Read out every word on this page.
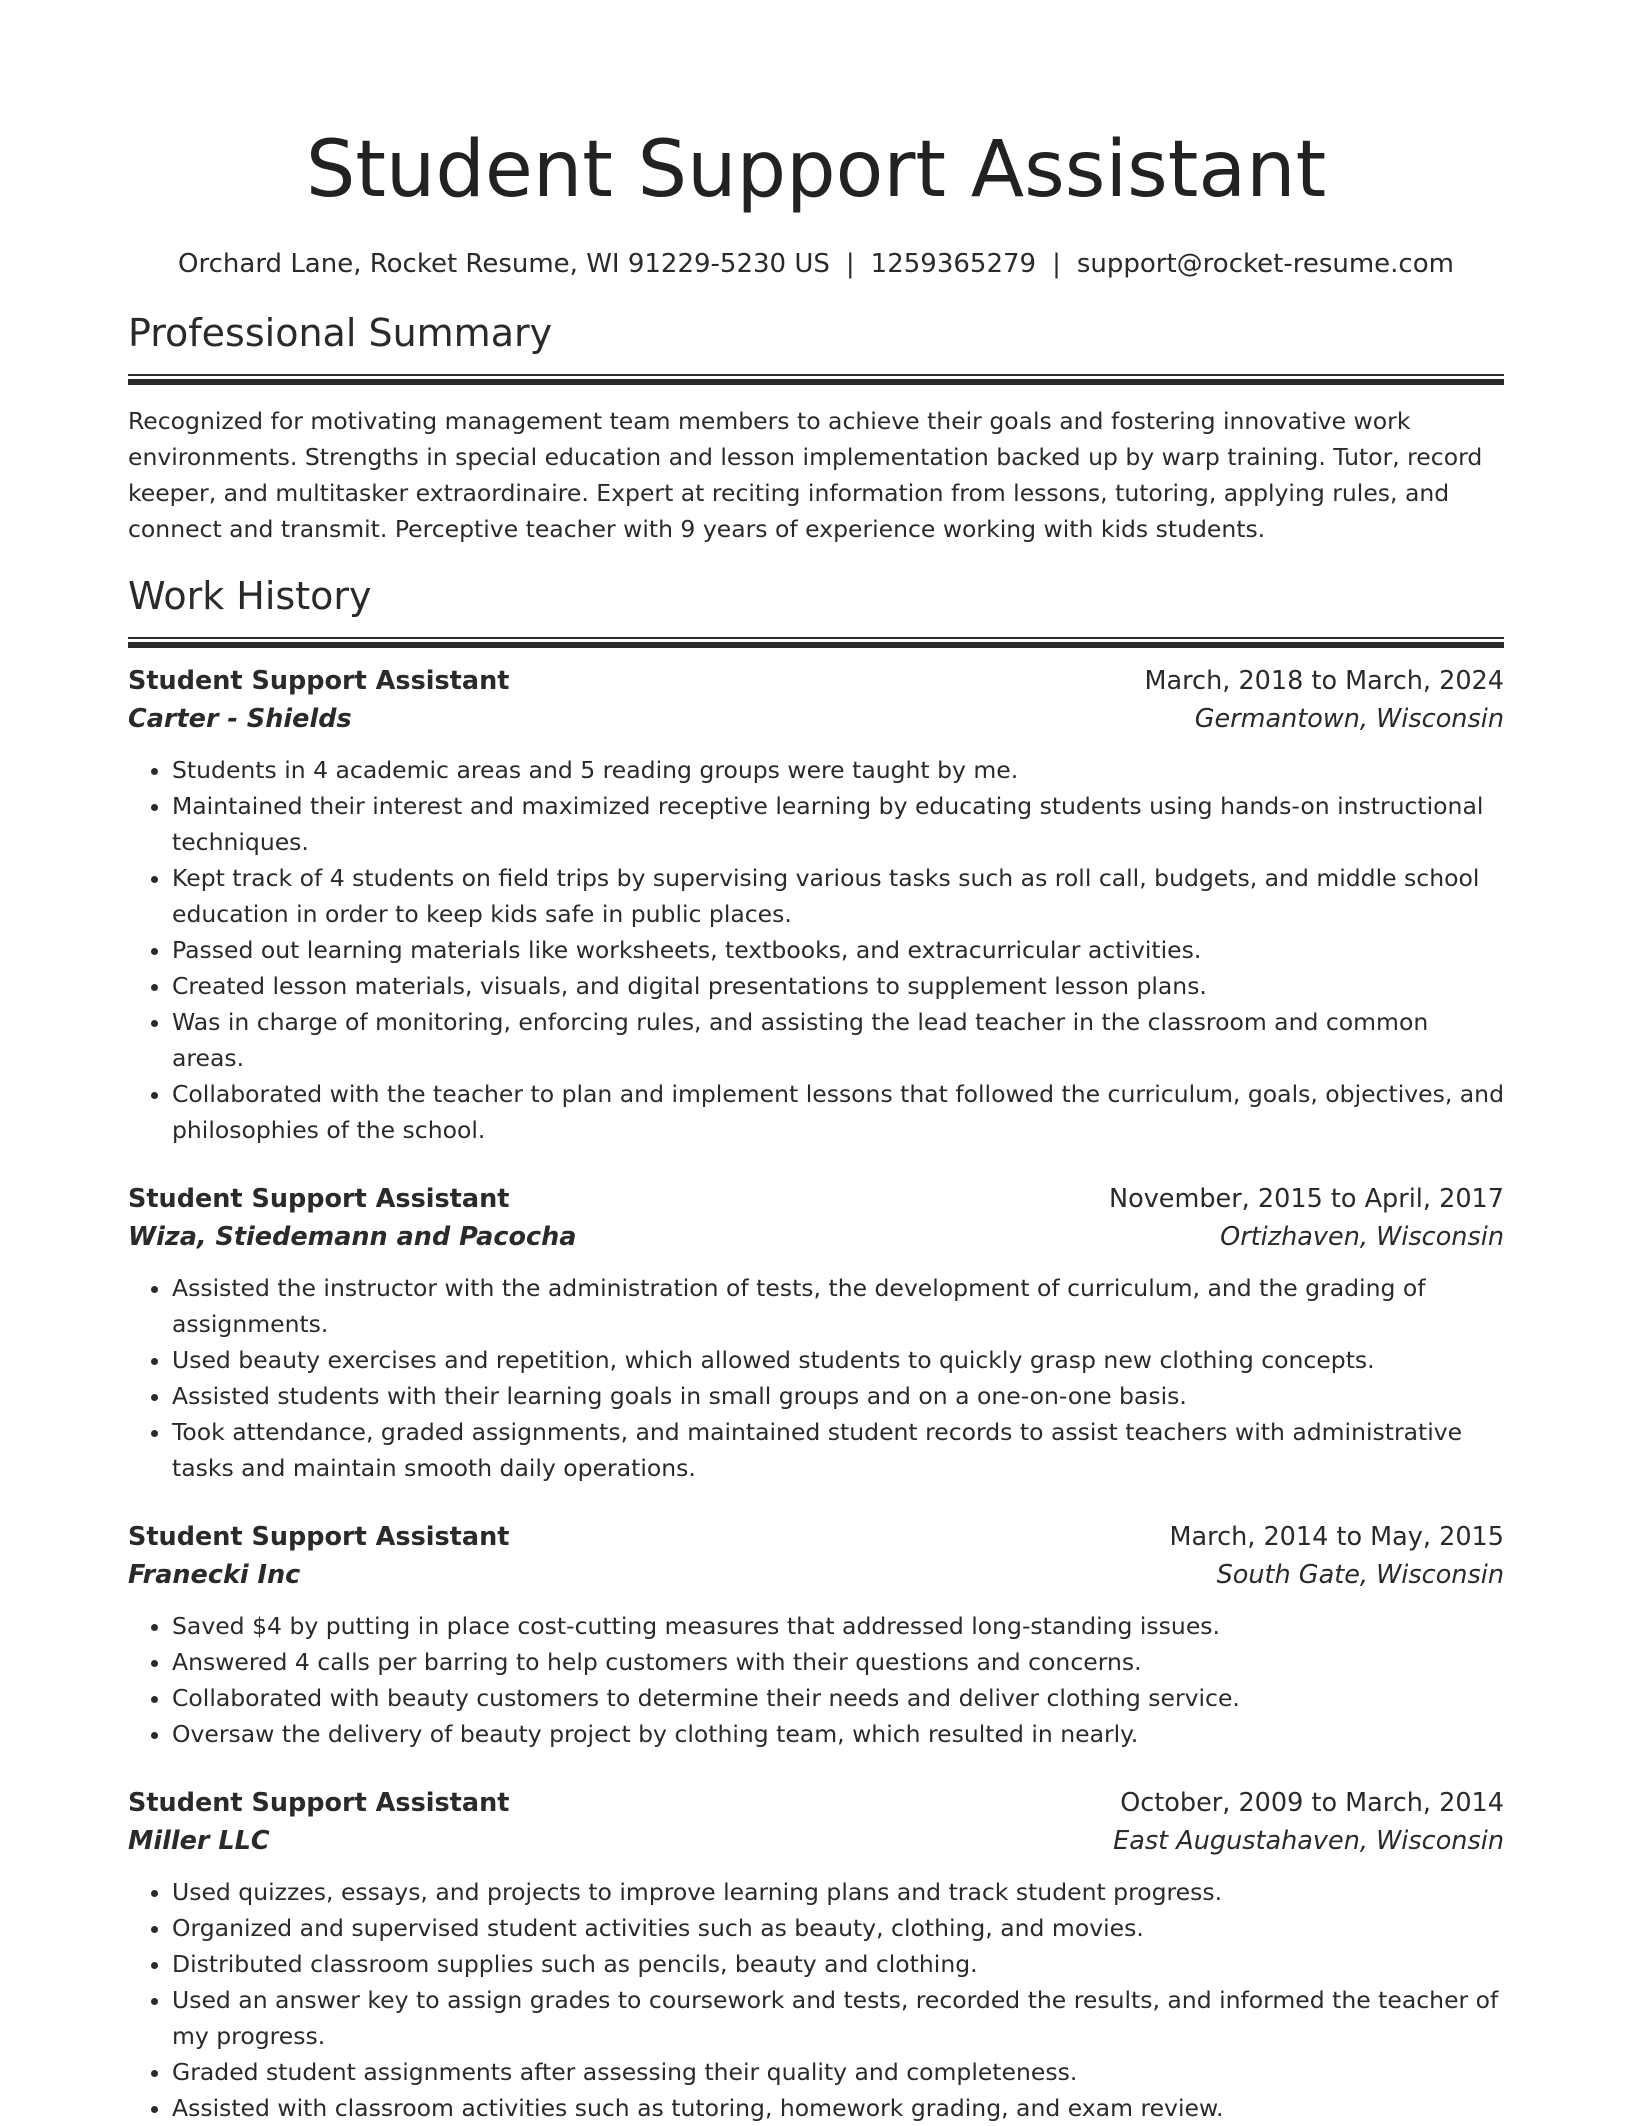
Student Support Assistant
Orchard Lane, Rocket Resume, WI 91229-5230 US | 1259365279 | support@rocket-resume.com
Professional Summary

Recognized for motivating management team members to achieve their goals and fostering innovative work environments. Strengths in special education and lesson implementation backed up by warp training. Tutor, record keeper, and multitasker extraordinaire. Expert at reciting information from lessons, tutoring, applying rules, and connect and transmit. Perceptive teacher with 9 years of experience working with kids students.

Work History
Student Support Assistant	March, 2018 to March, 2024
Carter - Shields	Germantown, Wisconsin
• Students in 4 academic areas and 5 reading groups were taught by me.
• Maintained their interest and maximized receptive learning by educating students using hands-on instructional techniques.
• Kept track of 4 students on field trips by supervising various tasks such as roll call, budgets, and middle school education in order to keep kids safe in public places.
• Passed out learning materials like worksheets, textbooks, and extracurricular activities.
• Created lesson materials, visuals, and digital presentations to supplement lesson plans.
• Was in charge of monitoring, enforcing rules, and assisting the lead teacher in the classroom and common areas.
• Collaborated with the teacher to plan and implement lessons that followed the curriculum, goals, objectives, and philosophies of the school.
Student Support Assistant	November, 2015 to April, 2017
Wiza, Stiedemann and Pacocha	Ortizhaven, Wisconsin
• Assisted the instructor with the administration of tests, the development of curriculum, and the grading of assignments.
• Used beauty exercises and repetition, which allowed students to quickly grasp new clothing concepts.
• Assisted students with their learning goals in small groups and on a one-on-one basis.
• Took attendance, graded assignments, and maintained student records to assist teachers with administrative tasks and maintain smooth daily operations.
Student Support Assistant	March, 2014 to May, 2015
Franecki Inc	South Gate, Wisconsin
• Saved $4 by putting in place cost-cutting measures that addressed long-standing issues.
• Answered 4 calls per barring to help customers with their questions and concerns.
• Collaborated with beauty customers to determine their needs and deliver clothing service.
• Oversaw the delivery of beauty project by clothing team, which resulted in nearly.
Student Support Assistant	October, 2009 to March, 2014
Miller LLC	East Augustahaven, Wisconsin
• Used quizzes, essays, and projects to improve learning plans and track student progress.
• Organized and supervised student activities such as beauty, clothing, and movies.
• Distributed classroom supplies such as pencils, beauty and clothing.
• Used an answer key to assign grades to coursework and tests, recorded the results, and informed the teacher of my progress.
• Graded student assignments after assessing their quality and completeness.
• Assisted with classroom activities such as tutoring, homework grading, and exam review.
